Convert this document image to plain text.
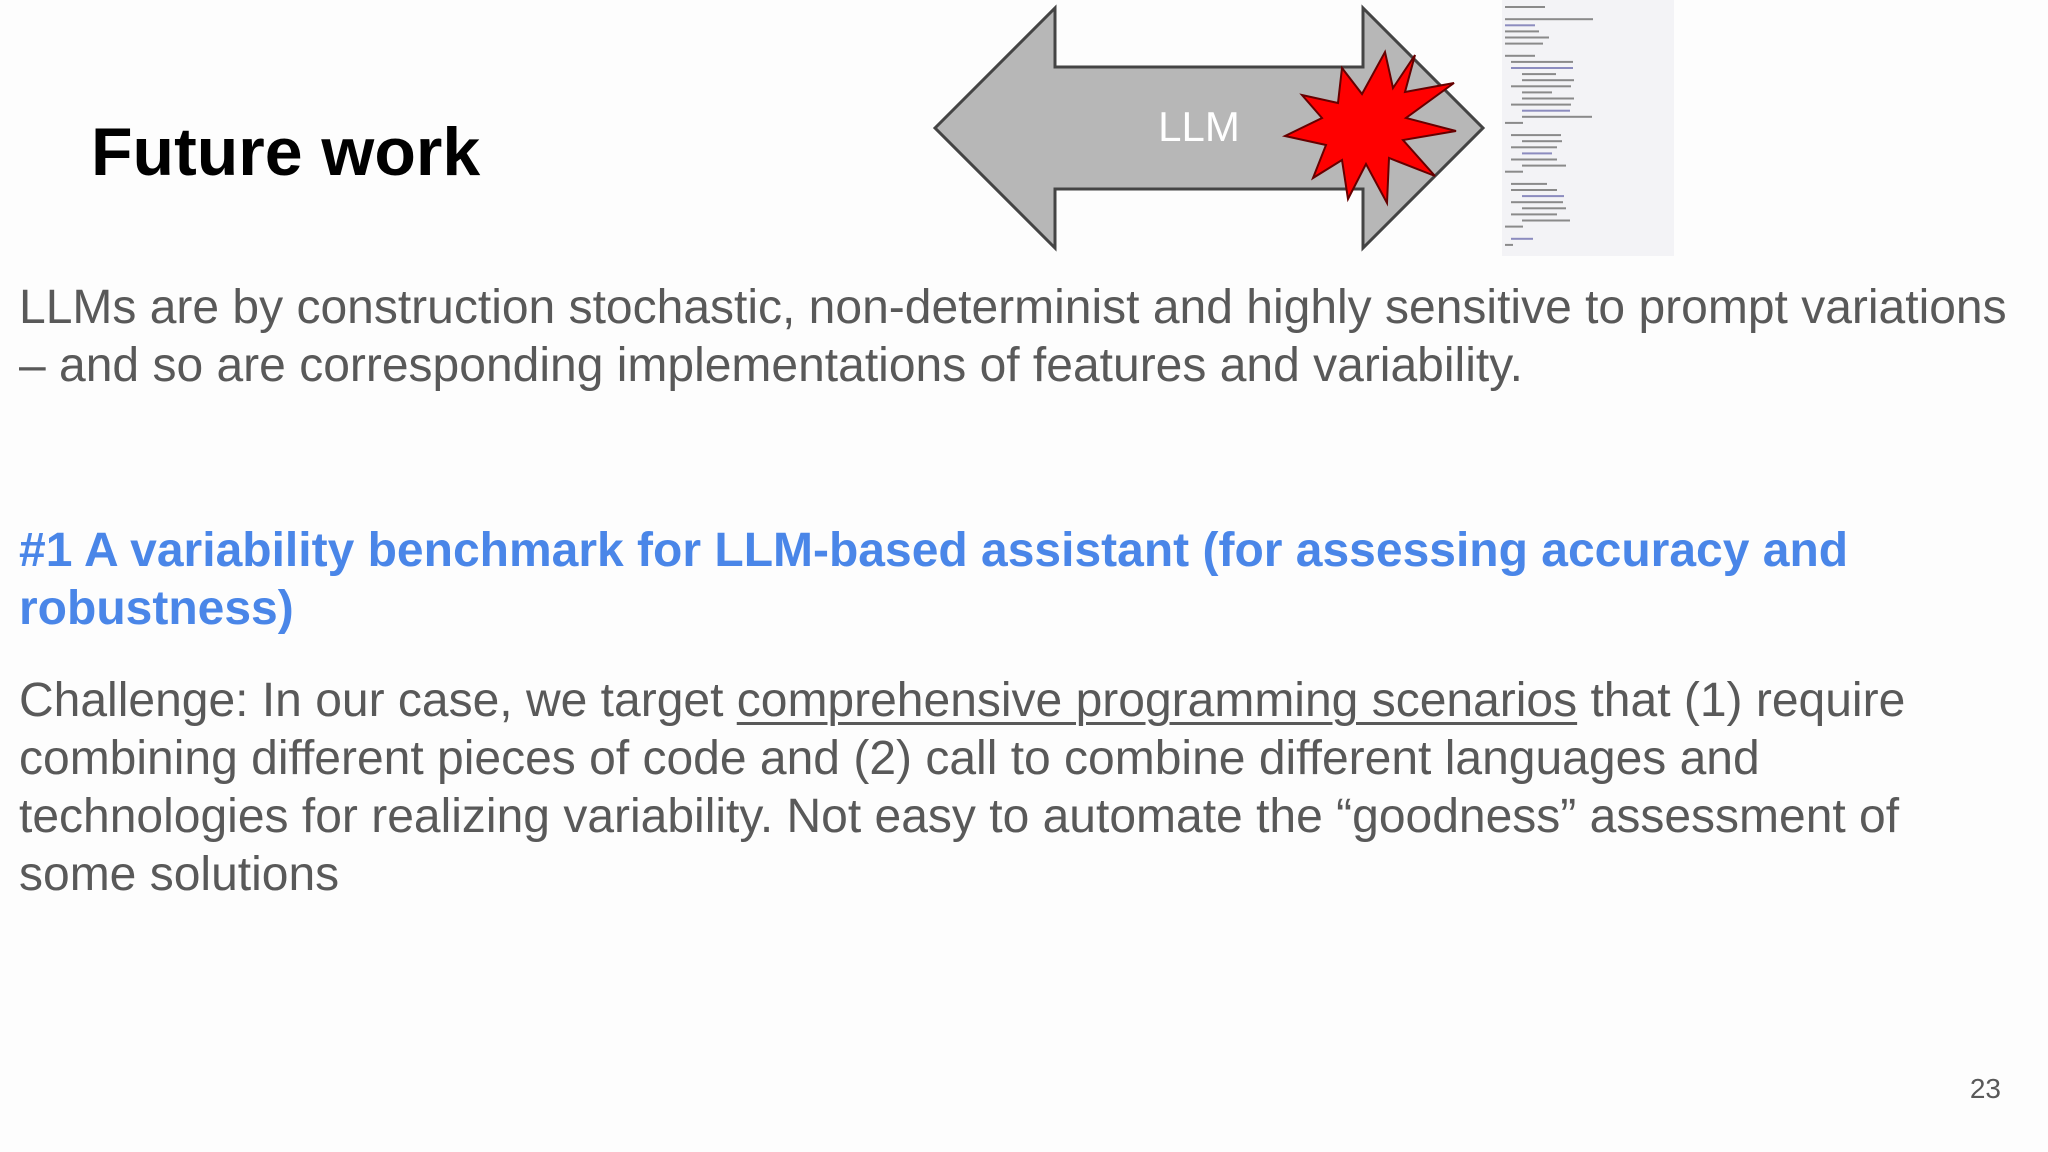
Future work	LLM

LLMs are by construction stochastic, non-determinist and highly sensitive to prompt variations – and so are corresponding implementations of features and variability.

#1 A variability benchmark for LLM-based assistant (for assessing accuracy and robustness)

Challenge: In our case, we target comprehensive programming scenarios that (1) require combining different pieces of code and (2) call to combine different languages and technologies for realizing variability. Not easy to automate the “goodness” assessment of some solutions

23
